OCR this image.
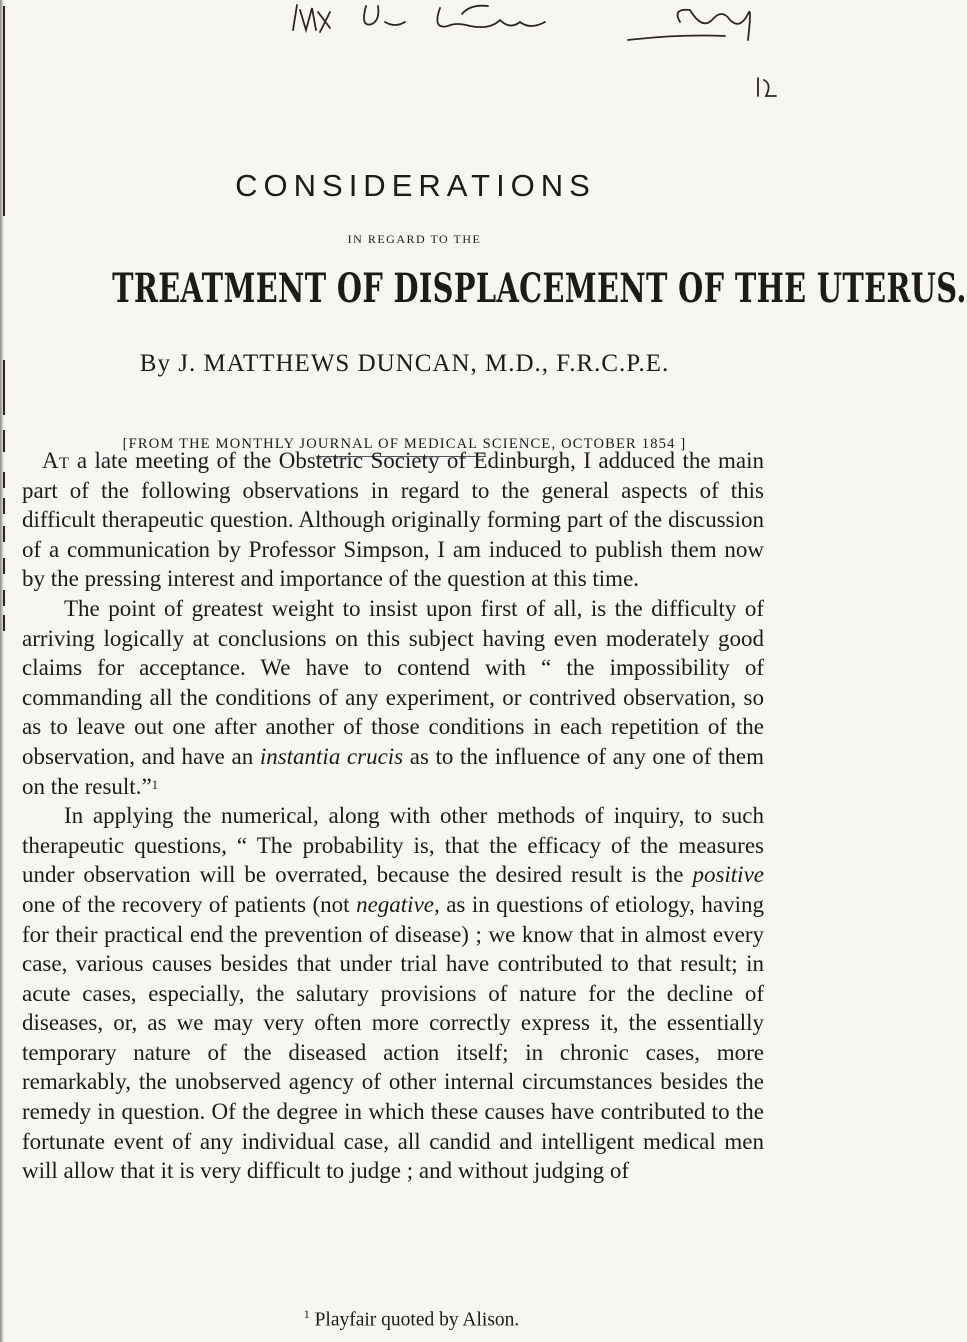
CONSIDERATIONS
IN REGARD TO THE
TREATMENT OF DISPLACEMENT OF THE UTERUS.
By J. MATTHEWS DUNCAN, M.D., F.R.C.P.E.
[FROM THE MONTHLY JOURNAL OF MEDICAL SCIENCE, OCTOBER 1854 ]

At a late meeting of the Obstetric Society of Edinburgh, I adduced the main part of the following observations in regard to the general aspects of this difficult therapeutic question. Although originally forming part of the discussion of a communication by Professor Simpson, I am induced to publish them now by the pressing interest and importance of the question at this time.

The point of greatest weight to insist upon first of all, is the difficulty of arriving logically at conclusions on this subject having even moderately good claims for acceptance. We have to contend with “ the impossibility of commanding all the conditions of any experiment, or contrived observation, so as to leave out one after another of those conditions in each repetition of the observation, and have an instantia crucis as to the influence of any one of them on the result.”$^1$

In applying the numerical, along with other methods of inquiry, to such therapeutic questions, “ The probability is, that the efficacy of the measures under observation will be overrated, because the desired result is the positive one of the recovery of patients (not negative, as in questions of etiology, having for their practical end the prevention of disease) ; we know that in almost every case, various causes besides that under trial have contributed to that result; in acute cases, especially, the salutary provisions of nature for the decline of diseases, or, as we may very often more correctly express it, the essentially temporary nature of the diseased action itself; in chronic cases, more remarkably, the unobserved agency of other internal circumstances besides the remedy in question. Of the degree in which these causes have contributed to the fortunate event of any individual case, all candid and intelligent medical men will allow that it is very difficult to judge ; and without judging of

$^1$ Playfair quoted by Alison.
